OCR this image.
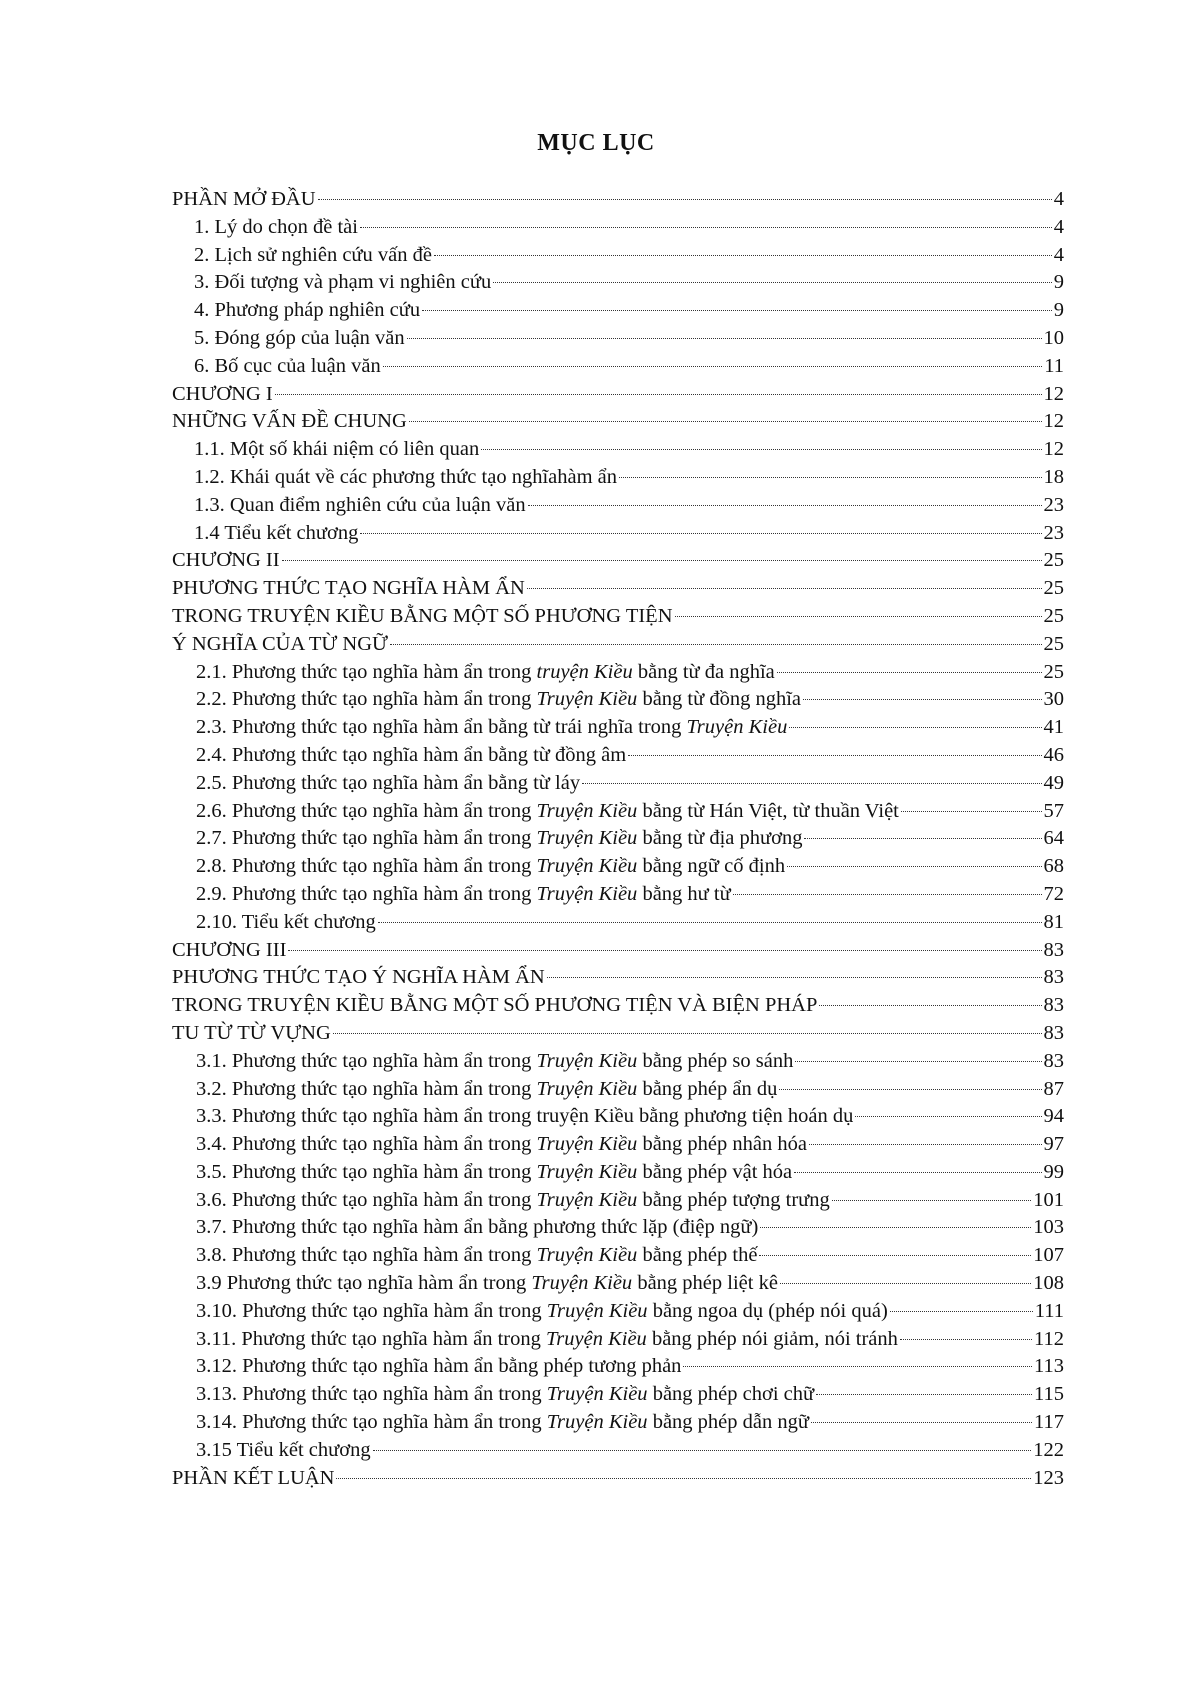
MỤC LỤC
PHẦN MỞ ĐẦU	4
1. Lý do chọn đề tài	4
2. Lịch sử nghiên cứu vấn đề	4
3. Đối tượng và phạm vi nghiên cứu	9
4. Phương pháp nghiên cứu	9
5. Đóng góp của luận văn	10
6. Bố cục của luận văn	11
CHƯƠNG I	12
NHỮNG VẤN ĐỀ CHUNG	12
1.1. Một số khái niệm có liên quan	12
1.2. Khái quát về các phương thức tạo nghĩahàm ẩn	18
1.3. Quan điểm nghiên cứu của luận văn	23
1.4 Tiểu kết chương	23
CHƯƠNG II	25
PHƯƠNG THỨC TẠO NGHĨA HÀM ẨN	25
TRONG TRUYỆN KIỀU BẰNG MỘT SỐ PHƯƠNG TIỆN	25
Ý NGHĨA CỦA TỪ NGỮ	25
2.1. Phương thức tạo nghĩa hàm ẩn trong truyện Kiều bằng từ đa nghĩa	25
2.2. Phương thức tạo nghĩa hàm ẩn trong Truyện Kiều bằng từ đồng nghĩa	30
2.3. Phương thức tạo nghĩa hàm ẩn bằng từ trái nghĩa trong Truyện Kiều	41
2.4. Phương thức tạo nghĩa hàm ẩn bằng từ đồng âm	46
2.5. Phương thức tạo nghĩa hàm ẩn bằng từ láy	49
2.6. Phương thức tạo nghĩa hàm ẩn trong Truyện Kiều bằng từ Hán Việt, từ thuần Việt	57
2.7. Phương thức tạo nghĩa hàm ẩn trong Truyện Kiều bằng từ địa phương	64
2.8. Phương thức tạo nghĩa hàm ẩn trong Truyện Kiều bằng ngữ cố định	68
2.9. Phương thức tạo nghĩa hàm ẩn trong Truyện Kiều bằng hư từ	72
2.10. Tiểu kết chương	81
CHƯƠNG III	83
PHƯƠNG THỨC TẠO Ý NGHĨA HÀM ẨN	83
TRONG TRUYỆN KIỀU BẰNG MỘT SỐ PHƯƠNG TIỆN VÀ BIỆN PHÁP	83
TU TỪ TỪ VỰNG	83
3.1. Phương thức tạo nghĩa hàm ẩn trong Truyện Kiều bằng phép so sánh	83
3.2. Phương thức tạo nghĩa hàm ẩn trong Truyện Kiều bằng phép ẩn dụ	87
3.3. Phương thức tạo nghĩa hàm ẩn trong truyện Kiều bằng phương tiện hoán dụ	94
3.4. Phương thức tạo nghĩa hàm ẩn trong Truyện Kiều bằng phép nhân hóa	97
3.5. Phương thức tạo nghĩa hàm ẩn trong Truyện Kiều bằng phép vật hóa	99
3.6. Phương thức tạo nghĩa hàm ẩn trong Truyện Kiều bằng phép tượng trưng	101
3.7. Phương thức tạo nghĩa hàm ẩn bằng phương thức lặp (điệp ngữ)	103
3.8. Phương thức tạo nghĩa hàm ẩn trong Truyện Kiều bằng phép thế	107
3.9 Phương thức tạo nghĩa hàm ẩn trong Truyện Kiều bằng phép liệt kê	108
3.10. Phương thức tạo nghĩa hàm ẩn trong Truyện Kiều bằng ngoa dụ (phép nói quá)	111
3.11. Phương thức tạo nghĩa hàm ẩn trong Truyện Kiều bằng phép nói giảm, nói tránh	112
3.12. Phương thức tạo nghĩa hàm ẩn bằng phép tương phản	113
3.13. Phương thức tạo nghĩa hàm ẩn trong Truyện Kiều bằng phép chơi chữ	115
3.14. Phương thức tạo nghĩa hàm ẩn trong Truyện Kiều bằng phép dẫn ngữ	117
3.15 Tiểu kết chương	122
PHẦN KẾT LUẬN	123
